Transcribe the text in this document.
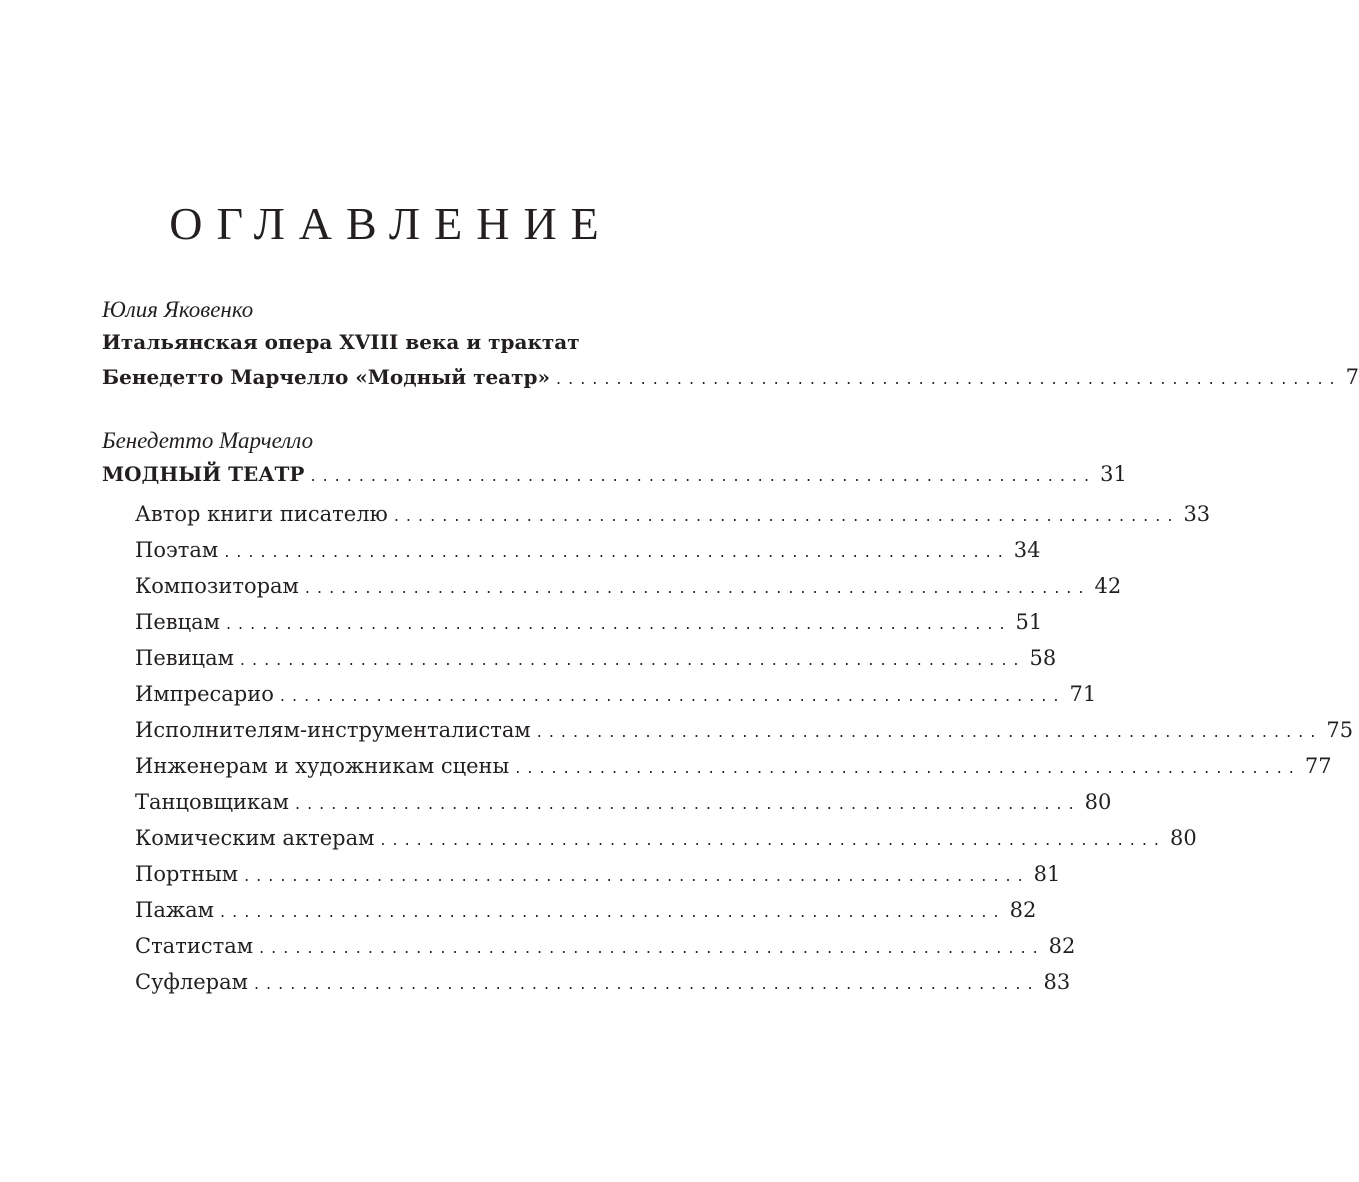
ОГЛАВЛЕНИЕ
Юлия Яковенко
Итальянская опера XVIII века и трактат
Бенедетто Марчелло «Модный театр» ................................................................. 7
Бенедетто Марчелло
МОДНЫЙ ТЕАТР ................................................................. 31
Автор книги писателю ................................................................. 33
Поэтам ................................................................. 34
Композиторам ................................................................. 42
Певцам ................................................................. 51
Певицам ................................................................. 58
Импресарио ................................................................. 71
Исполнителям-инструменталистам ................................................................. 75
Инженерам и художникам сцены ................................................................. 77
Танцовщикам ................................................................. 80
Комическим актерам ................................................................. 80
Портным ................................................................. 81
Пажам ................................................................. 82
Статистам ................................................................. 82
Суфлерам ................................................................. 83
